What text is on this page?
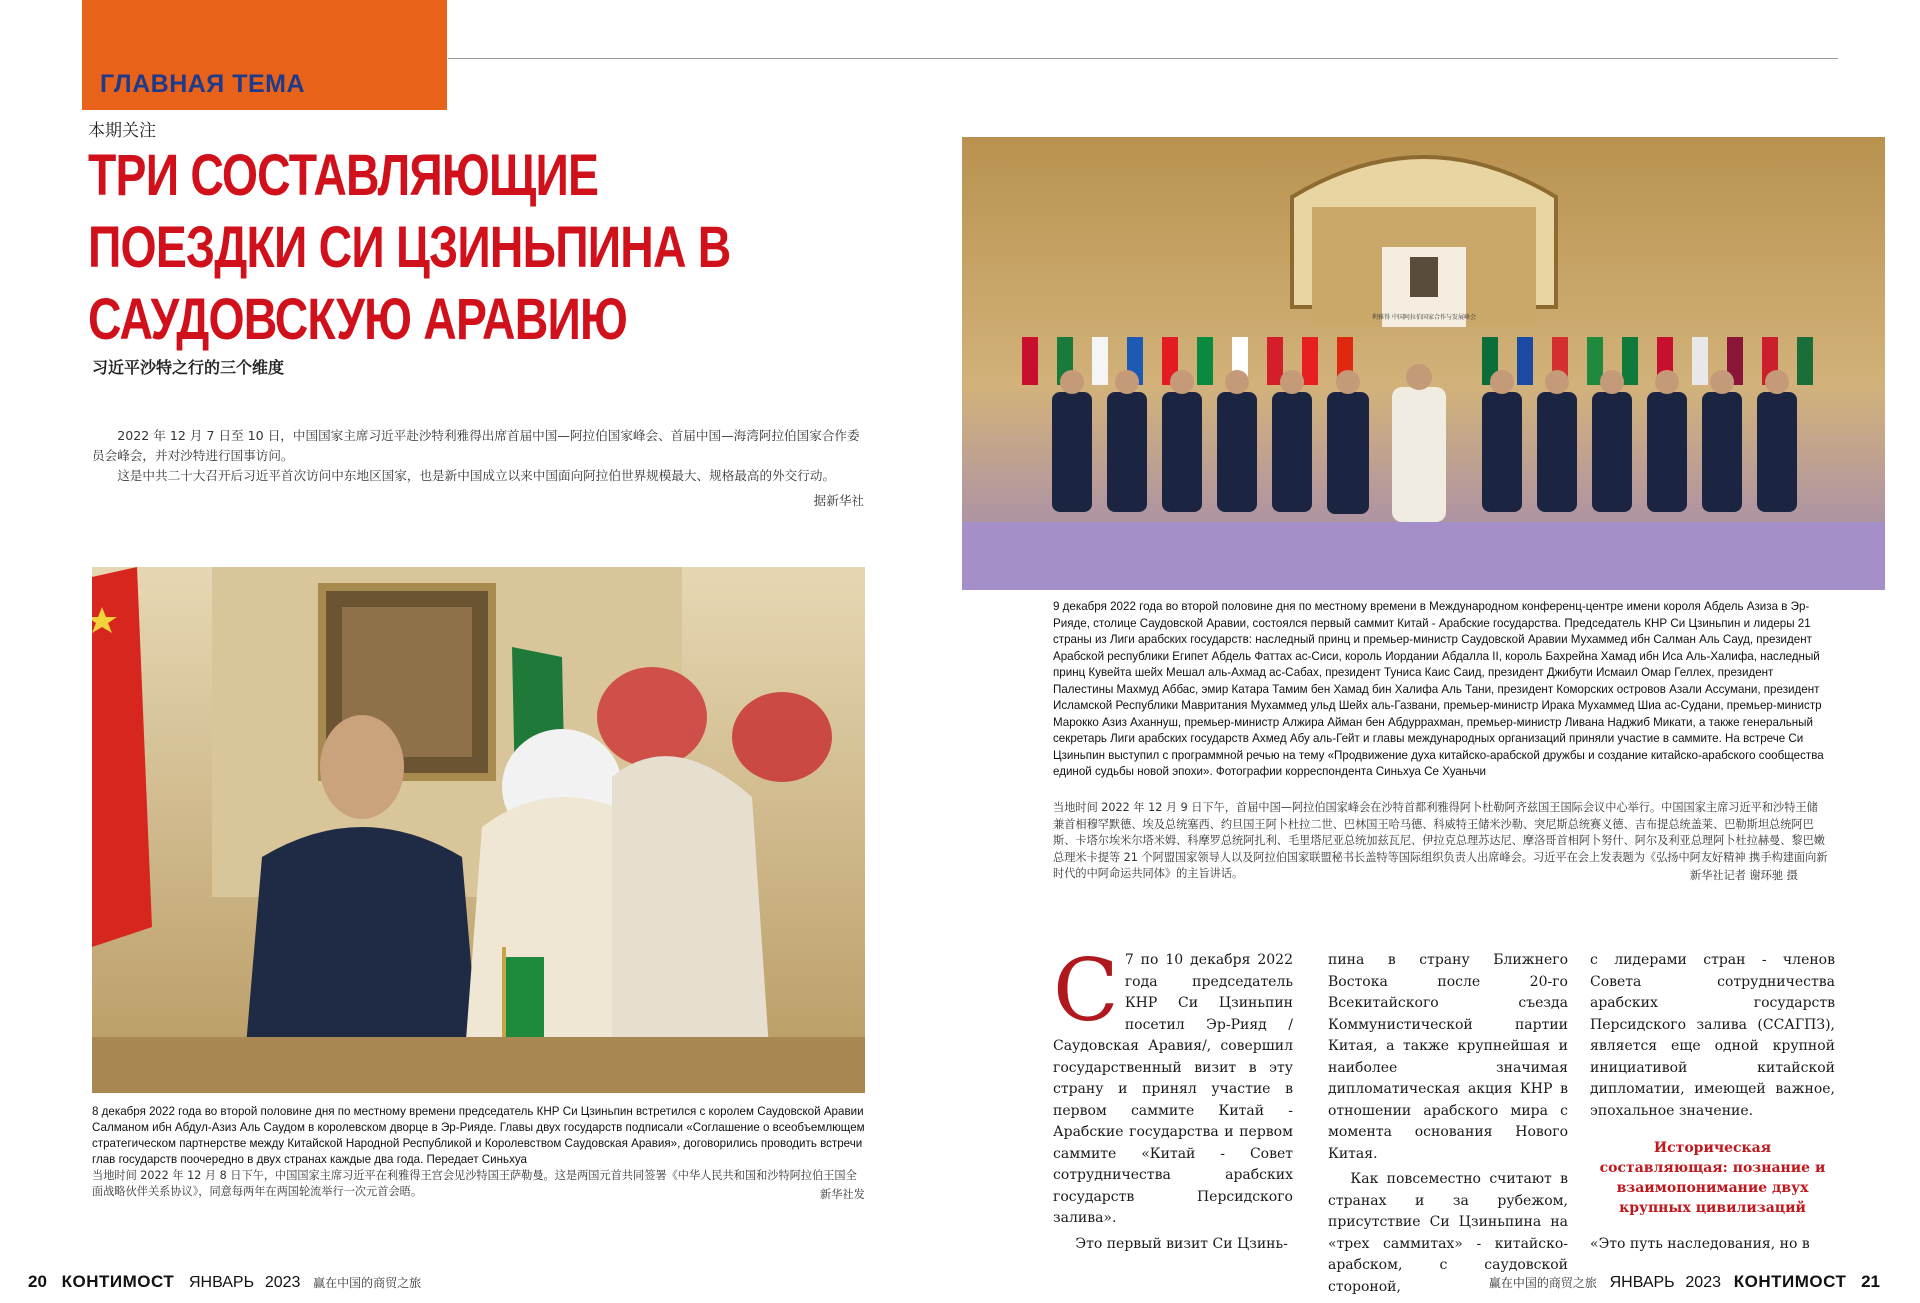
ГЛАВНАЯ ТЕМА
本期关注
ТРИ СОСТАВЛЯЮЩИЕ ПОЕЗДКИ СИ ЦЗИНЬПИНА В САУДОВСКУЮ АРАВИЮ
习近平沙特之行的三个维度

2022 年 12 月 7 日至 10 日，中国国家主席习近平赴沙特利雅得出席首届中国—阿拉伯国家峰会、首届中国—海湾阿拉伯国家合作委员会峰会，并对沙特进行国事访问。

这是中共二十大召开后习近平首次访问中东地区国家，也是新中国成立以来中国面向阿拉伯世界规模最大、规格最高的外交行动。

据新华社

8 декабря 2022 года во второй половине дня по местному времени председатель КНР Си Цзиньпин встретился с королем Саудовской Аравии Салманом ибн Абдул-Азиз Аль Саудом в королевском дворце в Эр-Рияде. Главы двух государств подписали «Соглашение о всеобъемлющем стратегическом партнерстве между Китайской Народной Республикой и Королевством Саудовская Аравия», договорились проводить встречи глав государств поочередно в двух странах каждые два года. Передает Синьхуа

当地时间 2022 年 12 月 8 日下午，中国国家主席习近平在利雅得王宫会见沙特国王萨勒曼。这是两国元首共同签署《中华人民共和国和沙特阿拉伯王国全面战略伙伴关系协议》，同意每两年在两国轮流举行一次元首会晤。	新华社发
利雅得 中国阿拉伯国家合作与发展峰会

9 декабря 2022 года во второй половине дня по местному времени в Международном конференц-центре имени короля Абдель Азиза в Эр-Рияде, столице Саудовской Аравии, состоялся первый саммит Китай - Арабские государства. Председатель КНР Си Цзиньпин и лидеры 21 страны из Лиги арабских государств: наследный принц и премьер-министр Саудовской Аравии Мухаммед ибн Салман Аль Сауд, президент Арабской республики Египет Абдель Фаттах ас-Сиси, король Иордании Абдалла II, король Бахрейна Хамад ибн Иса Аль-Халифа, наследный принц Кувейта шейх Мешал аль-Ахмад ас-Сабах, президент Туниса Каис Саид, президент Джибути Исмаил Омар Геллех, президент Палестины Махмуд Аббас, эмир Катара Тамим бен Хамад бин Халифа Аль Тани, президент Коморских островов Азали Ассумани, президент Исламской Республики Мавритания Мухаммед ульд Шейх аль-Газвани, премьер-министр Ирака Мухаммед Шиа ас-Судани, премьер-министр Марокко Азиз Аханнуш, премьер-министр Алжира Айман бен Абдуррахман, премьер-министр Ливана Наджиб Микати, а также генеральный секретарь Лиги арабских государств Ахмед Абу аль-Гейт и главы международных организаций приняли участие в саммите. На встрече Си Цзиньпин выступил с программной речью на тему «Продвижение духа китайско-арабской дружбы и создание китайско-арабского сообщества единой судьбы новой эпохи». Фотографии корреспондента Синьхуа Се Хуаньчи

当地时间 2022 年 12 月 9 日下午，首届中国—阿拉伯国家峰会在沙特首都利雅得阿卜杜勒阿齐兹国王国际会议中心举行。中国国家主席习近平和沙特王储兼首相穆罕默德、埃及总统塞西、约旦国王阿卜杜拉二世、巴林国王哈马德、科威特王储米沙勒、突尼斯总统赛义德、吉布提总统盖莱、巴勒斯坦总统阿巴斯、卡塔尔埃米尔塔米姆、科摩罗总统阿扎利、毛里塔尼亚总统加兹瓦尼、伊拉克总理苏达尼、摩洛哥首相阿卜努什、阿尔及利亚总理阿卜杜拉赫曼、黎巴嫩总理米卡提等 21 个阿盟国家领导人以及阿拉伯国家联盟秘书长盖特等国际组织负责人出席峰会。习近平在会上发表题为《弘扬中阿友好精神 携手构建面向新时代的中阿命运共同体》的主旨讲话。	新华社记者 谢环驰 摄

С 7 по 10 декабря 2022 года председатель КНР Си Цзиньпин посетил Эр-Рияд / Саудовская Аравия/, совершил государственный визит в эту страну и принял участие в первом саммите Китай - Арабские государства и первом саммите «Китай - Совет сотрудничества арабских государств Персидского залива».

Это первый визит Си Цзинь-

пина в страну Ближнего Востока после 20-го Всекитайского съезда Коммунистической партии Китая, а также крупнейшая и наиболее значимая дипломатическая акция КНР в отношении арабского мира с момента основания Нового Китая.

Как повсеместно считают в странах и за рубежом, присутствие Си Цзиньпина на «трех саммитах» - китайско-арабском, с саудовской стороной,

с лидерами стран - членов Совета сотрудничества арабских государств Персидского залива (ССАГПЗ), является еще одной крупной инициативой китайской дипломатии, имеющей важное, эпохальное значение.

Историческая составляющая: познание и взаимопонимание двух крупных цивилизаций

«Это путь наследования, но в

20 КОНТИМОСТ ЯНВАРЬ 2023 赢在中国的商贸之旅	赢在中国的商贸之旅 ЯНВАРЬ 2023 КОНТИМОСТ 21
